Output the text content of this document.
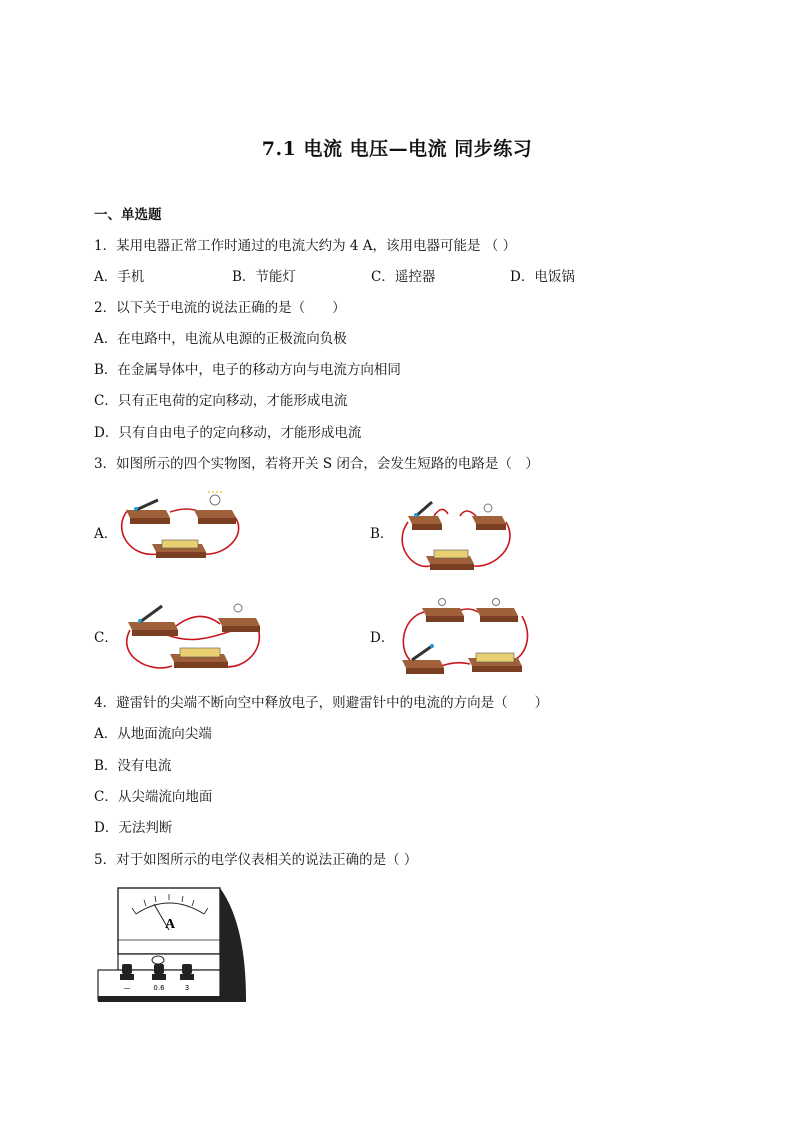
7.1 电流 电压—电流 同步练习
一、单选题
1．某用电器正常工作时通过的电流大约为 4 A，该用电器可能是 （ ）
A．手机	B．节能灯	C．遥控器	D．电饭锅
2．以下关于电流的说法正确的是（　　）
A．在电路中，电流从电源的正极流向负极
B．在金属导体中，电子的移动方向与电流方向相同
C．只有正电荷的定向移动，才能形成电流
D．只有自由电子的定向移动，才能形成电流
3．如图所示的四个实物图，若将开关 S 闭合，会发生短路的电路是（　）
A．	B．
C．	D．
4．避雷针的尖端不断向空中释放电子，则避雷针中的电流的方向是（　　）
A．从地面流向尖端
B．没有电流
C．从尖端流向地面
D．无法判断
5．对于如图所示的电学仪表相关的说法正确的是（ ）
A
—	0.6	3
